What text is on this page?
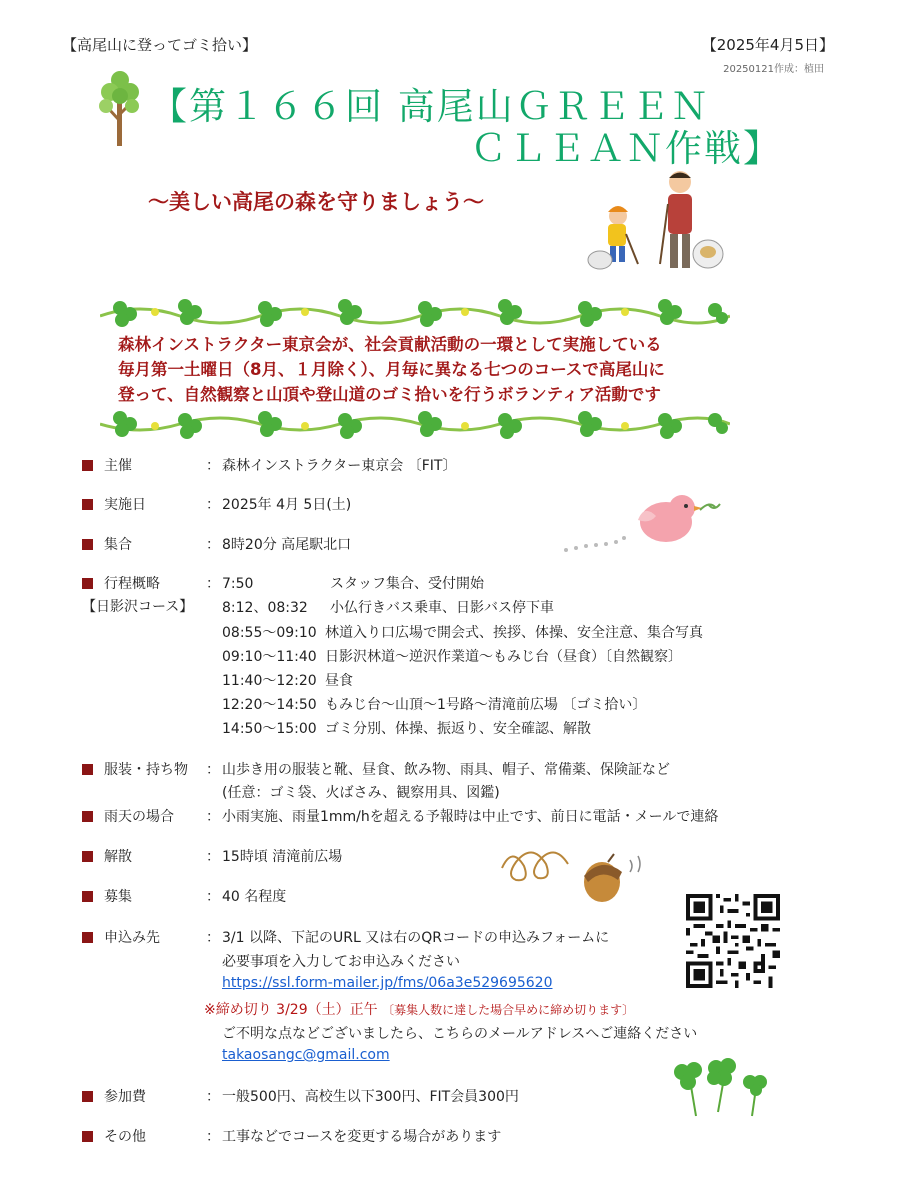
【高尾山に登ってゴミ拾い】	【2025年4月5日】
20250121作成：植田
【第１６６回 高尾山ＧＲＥＥＮ
ＣＬＥＡＮ作戦】
～美しい高尾の森を守りましょう～
森林インストラクター東京会が、社会貢献活動の一環として実施している
毎月第一土曜日（8月、１月除く）、月毎に異なる七つのコースで高尾山に
登って、自然観察と山頂や登山道のゴミ拾いを行うボランティア活動です
主催	： 森林インストラクター東京会 〔FIT〕
実施日	： 2025年 4月 5日(土)
集合	： 8時20分 高尾駅北口
行程概略	：
【日影沢コース】
7:50	スタッフ集合、受付開始
8:12、08:32 小仏行きバス乗車、日影バス停下車
08:55～09:10 林道入り口広場で開会式、挨拶、体操、安全注意、集合写真
09:10～11:40 日影沢林道～逆沢作業道～もみじ台（昼食）〔自然観察〕
11:40～12:20 昼食
12:20～14:50 もみじ台～山頂～1号路～清滝前広場 〔ゴミ拾い〕
14:50～15:00 ゴミ分別、体操、振返り、安全確認、解散
服装・持ち物 ： 山歩き用の服装と靴、昼食、飲み物、雨具、帽子、常備薬、保険証など
(任意：ゴミ袋、火ばさみ、観察用具、図鑑)
雨天の場合 ： 小雨実施、雨量1mm/hを超える予報時は中止です、前日に電話・メールで連絡
解散	： 15時頃 清滝前広場
募集	： 40 名程度
申込み先	： 3/1 以降、下記のURL 又は右のQRコードの申込みフォームに
必要事項を入力してお申込みください
https://ssl.form-mailer.jp/fms/06a3e529695620
※締め切り 3/29（土）正午 〔募集人数に達した場合早めに締め切ります〕
ご不明な点などございましたら、こちらのメールアドレスへご連絡ください
takaosangc@gmail.com
参加費	： 一般500円、高校生以下300円、FIT会員300円
その他	： 工事などでコースを変更する場合があります
